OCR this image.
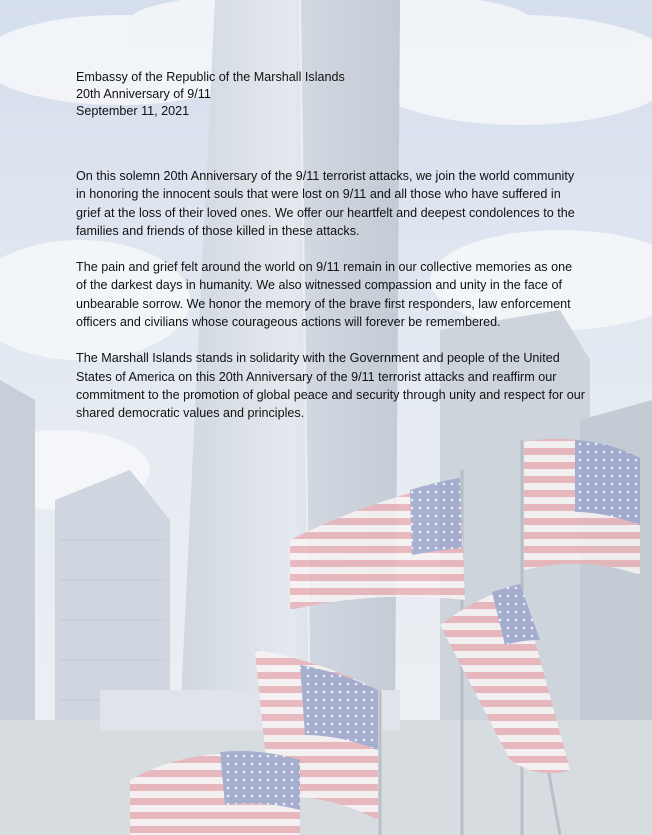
Embassy of the Republic of the Marshall Islands
20th Anniversary of 9/11
September 11, 2021

On this solemn 20th Anniversary of the 9/11 terrorist attacks, we join the world community in honoring the innocent souls that were lost on 9/11 and all those who have suffered in grief at the loss of their loved ones. We offer our heartfelt and deepest condolences to the families and friends of those killed in these attacks.

The pain and grief felt around the world on 9/11 remain in our collective memories as one of the darkest days in humanity. We also witnessed compassion and unity in the face of unbearable sorrow. We honor the memory of the brave first responders, law enforcement officers and civilians whose courageous actions will forever be remembered.

The Marshall Islands stands in solidarity with the Government and people of the United States of America on this 20th Anniversary of the 9/11 terrorist attacks and reaffirm our commitment to the promotion of global peace and security through unity and respect for our shared democratic values and principles.
